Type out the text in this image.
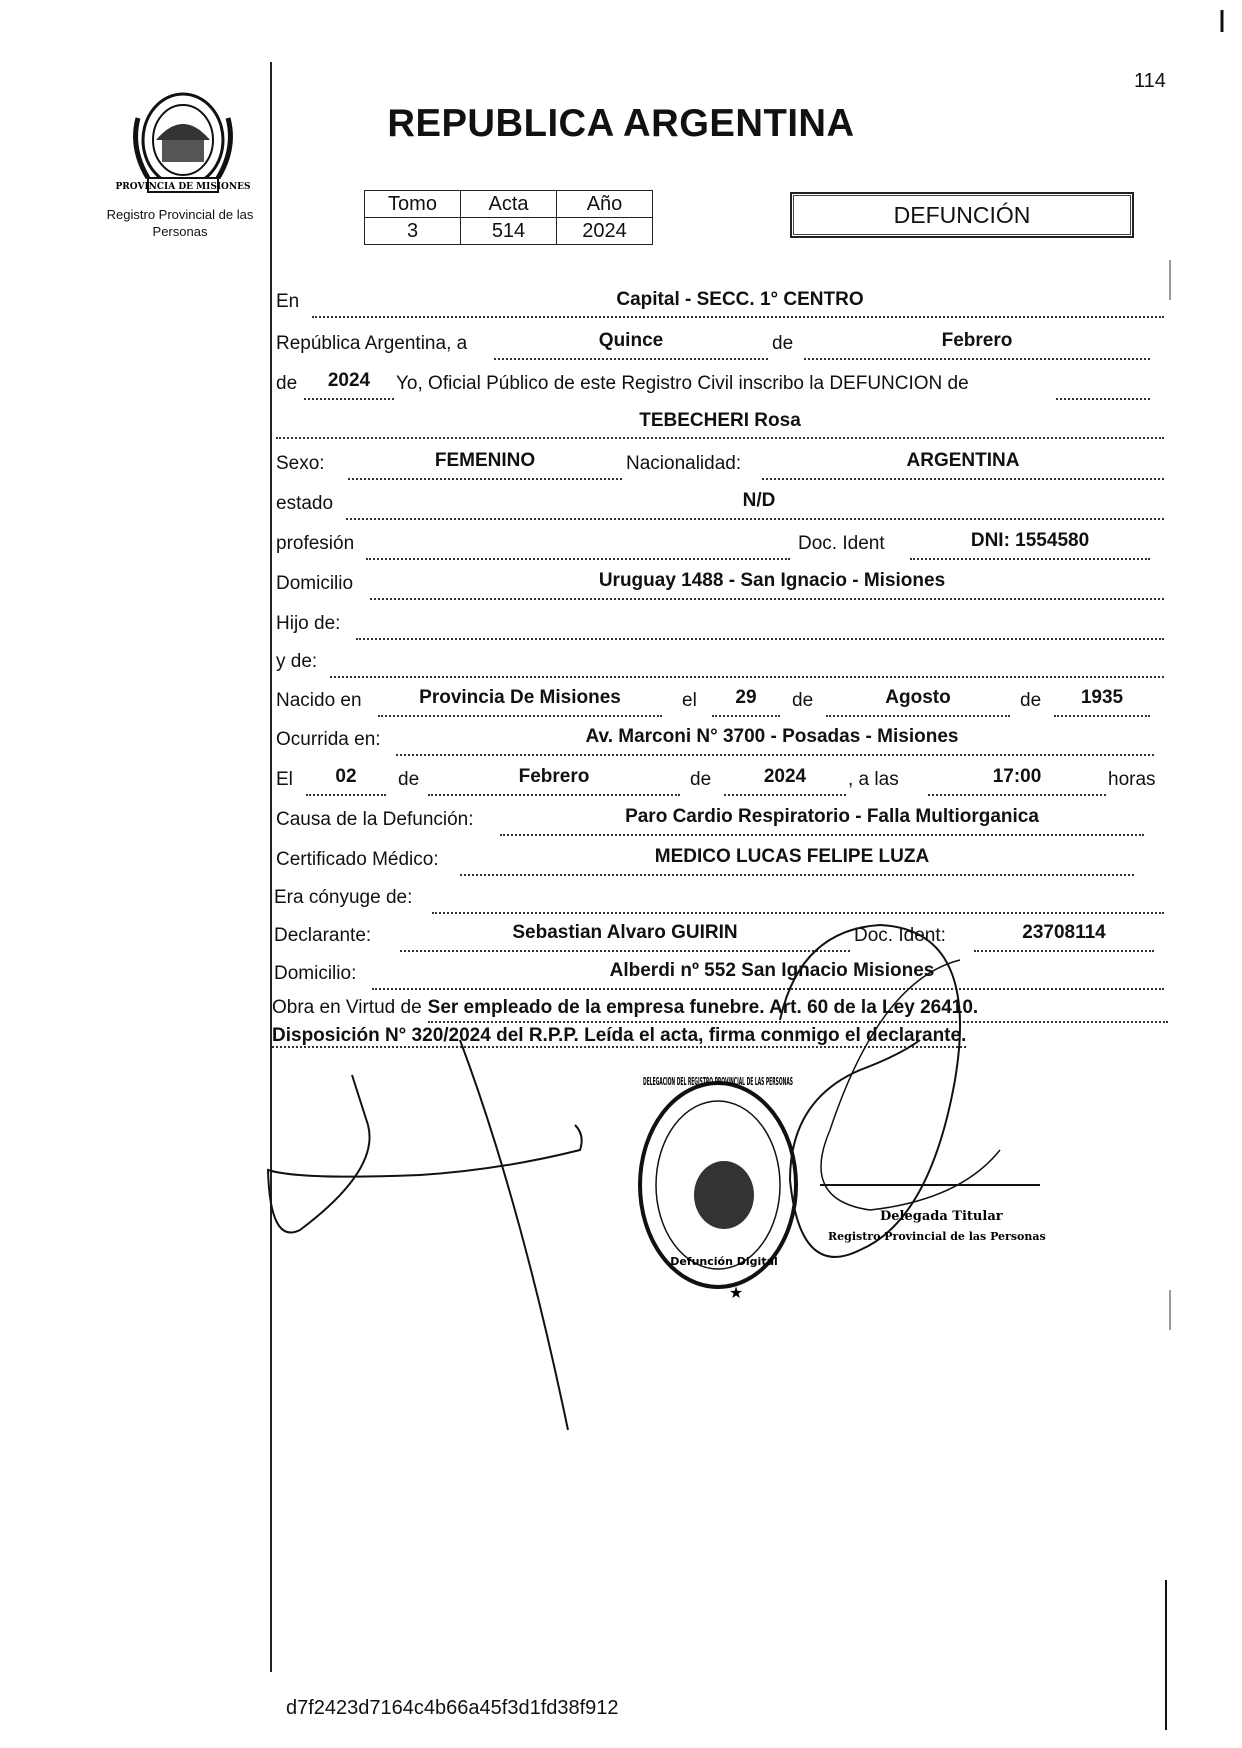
114
PROVINCIA DE MISIONES
Registro Provincial de las Personas
REPUBLICA ARGENTINA
Tomo	Acta	Año
3	514	2024
DEFUNCIÓN
En	Capital - SECC. 1° CENTRO
República Argentina, a	Quince	de	Febrero
de	2024	Yo, Oficial Público de este Registro Civil inscribo la DEFUNCION de
TEBECHERI Rosa
Sexo:	FEMENINO	Nacionalidad:	ARGENTINA
estado	N/D
profesión	Doc. Ident	DNI: 1554580
Domicilio	Uruguay 1488 - San Ignacio - Misiones
Hijo de:
y de:
Nacido en	Provincia De Misiones	el	29	de	Agosto	de	1935
Ocurrida en:	Av. Marconi N° 3700 - Posadas - Misiones
El	02	de	Febrero	de	2024	, a las	17:00	horas
Causa de la Defunción:	Paro Cardio Respiratorio - Falla Multiorganica
Certificado Médico:	MEDICO LUCAS FELIPE LUZA
Era cónyuge de:
Declarante:	Sebastian Alvaro GUIRIN	Doc. Ident:	23708114
Domicilio:	Alberdi nº 552 San Ignacio Misiones
Obra en Virtud de Ser empleado de la empresa funebre. Art. 60 de la Ley 26410.
Disposición N° 320/2024 del R.P.P. Leída el acta, firma conmigo el declarante.
DELEGACION DEL REGISTRO PROVINCIAL DE LAS PERSONAS
Defunción Digital
★
Delegada Titular
Registro Provincial de las Personas
d7f2423d7164c4b66a45f3d1fd38f912
